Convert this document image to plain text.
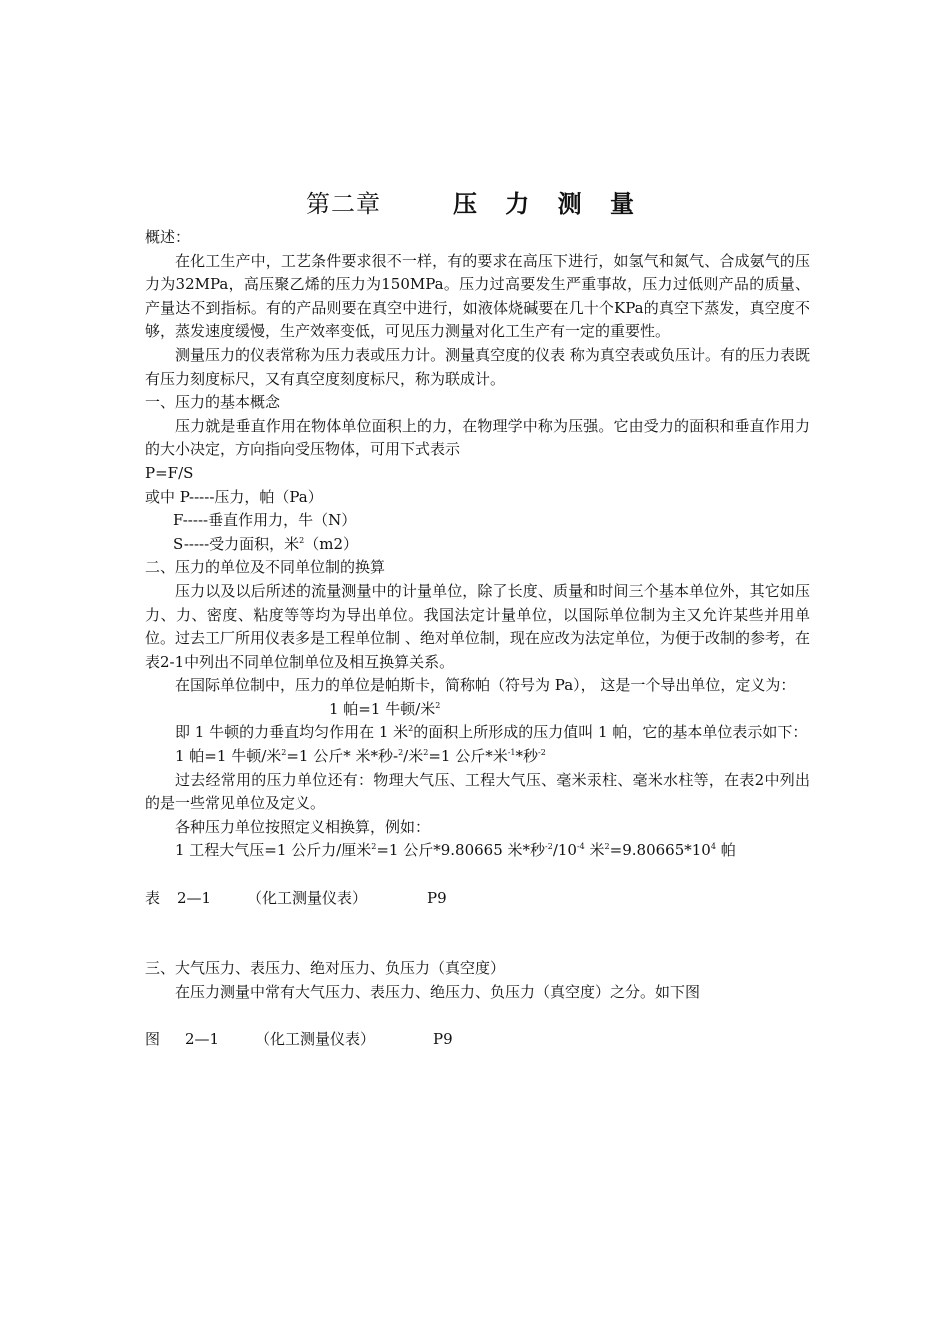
第二章	压 力 测 量

概述：

在化工生产中，工艺条件要求很不一样，有的要求在高压下进行，如氢气和氮气、合成氨气的压力为32MPa，高压聚乙烯的压力为150MPa。压力过高要发生严重事故，压力过低则产品的质量、产量达不到指标。有的产品则要在真空中进行，如液体烧碱要在几十个KPa的真空下蒸发，真空度不够，蒸发速度缓慢，生产效率变低，可见压力测量对化工生产有一定的重要性。

测量压力的仪表常称为压力表或压力计。测量真空度的仪表 称为真空表或负压计。有的压力表既有压力刻度标尺，又有真空度刻度标尺，称为联成计。

一、压力的基本概念

压力就是垂直作用在物体单位面积上的力，在物理学中称为压强。它由受力的面积和垂直作用力的大小决定，方向指向受压物体，可用下式表示

P=F/S

或中 P-----压力，帕（Pa）

F-----垂直作用力，牛（N）

S-----受力面积，米$^2$（m2）

二、压力的单位及不同单位制的换算

压力以及以后所述的流量测量中的计量单位，除了长度、质量和时间三个基本单位外，其它如压力、力、密度、粘度等等均为导出单位。我国法定计量单位，以国际单位制为主又允许某些并用单位。过去工厂所用仪表多是工程单位制 、绝对单位制，现在应改为法定单位，为便于改制的参考，在表2-1中列出不同单位制单位及相互换算关系。

在国际单位制中，压力的单位是帕斯卡，简称帕（符号为 Pa）， 这是一个导出单位，定义为：

1 帕=1 牛顿/米$^2$

即 1 牛顿的力垂直均匀作用在 1 米$^2$的面积上所形成的压力值叫 1 帕，它的基本单位表示如下：

1 帕=1 牛顿/米$^2$=1 公斤* 米*秒-$^2$/米$^2$=1 公斤*米$^{-1}$*秒$^{-2}$

过去经常用的压力单位还有：物理大气压、工程大气压、毫米汞柱、毫米水柱等，在表2中列出的是一些常见单位及定义。

各种压力单位按照定义相换算，例如：

1 工程大气压=1 公斤力/厘米$^2$=1 公斤*9.80665 米*秒$^{-2}/10^{-4}$ 米$^2=9.80665*10^4$ 帕

表 2—1 （化工测量仪表）	P9

三、大气压力、表压力、绝对压力、负压力（真空度）

在压力测量中常有大气压力、表压力、绝压力、负压力（真空度）之分。如下图

图 2—1 （化工测量仪表）	P9
